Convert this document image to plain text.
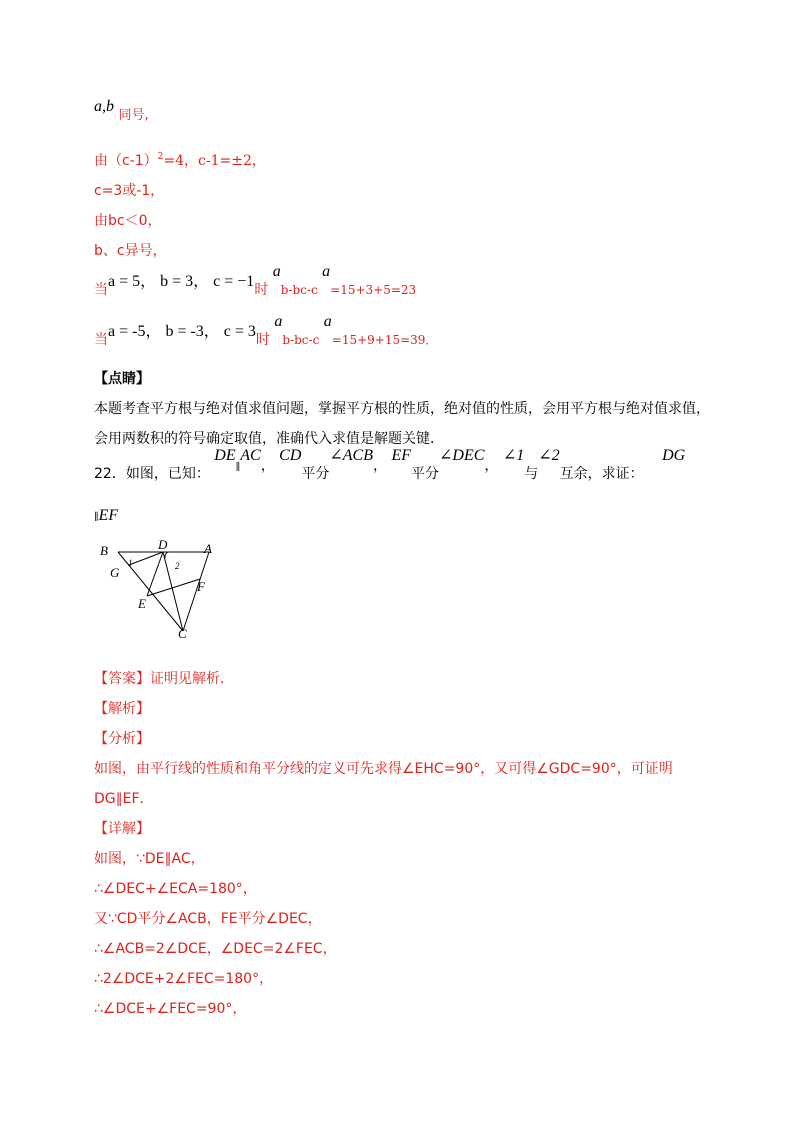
a,b 同号,
由$(c-1)^2=4$，c-1=±2，
c=3或-1，
由bc＜0，
b、c异号，
当a = 5， b = 3， c = −1时 ab-bc-c a=15+3+5=23
当a = -5， b = -3， c = 3时 ab-bc-c a=15+9+15=39．
【点睛】
本题考查平方根与绝对值求值问题，掌握平方根的性质，绝对值的性质，会用平方根与绝对值求值，
会用两数积的符号确定取值，准确代入求值是解题关键．
22．如图，已知： DE∥AC， CD平分∠ACB， EF平分∠DEC， ∠1与∠2互余，求证： DG
∥EF
B	D	A
G
1	2
F
E
C
【答案】证明见解析.
【解析】
【分析】
如图，由平行线的性质和角平分线的定义可先求得∠EHC=90°，又可得∠GDC=90°，可证明
DG∥EF．
【详解】
如图，∵DE∥AC，
∴∠DEC+∠ECA=180°，
又∵CD平分∠ACB，FE平分∠DEC，
∴∠ACB=2∠DCE，∠DEC=2∠FEC，
∴2∠DCE+2∠FEC=180°，
∴∠DCE+∠FEC=90°，
